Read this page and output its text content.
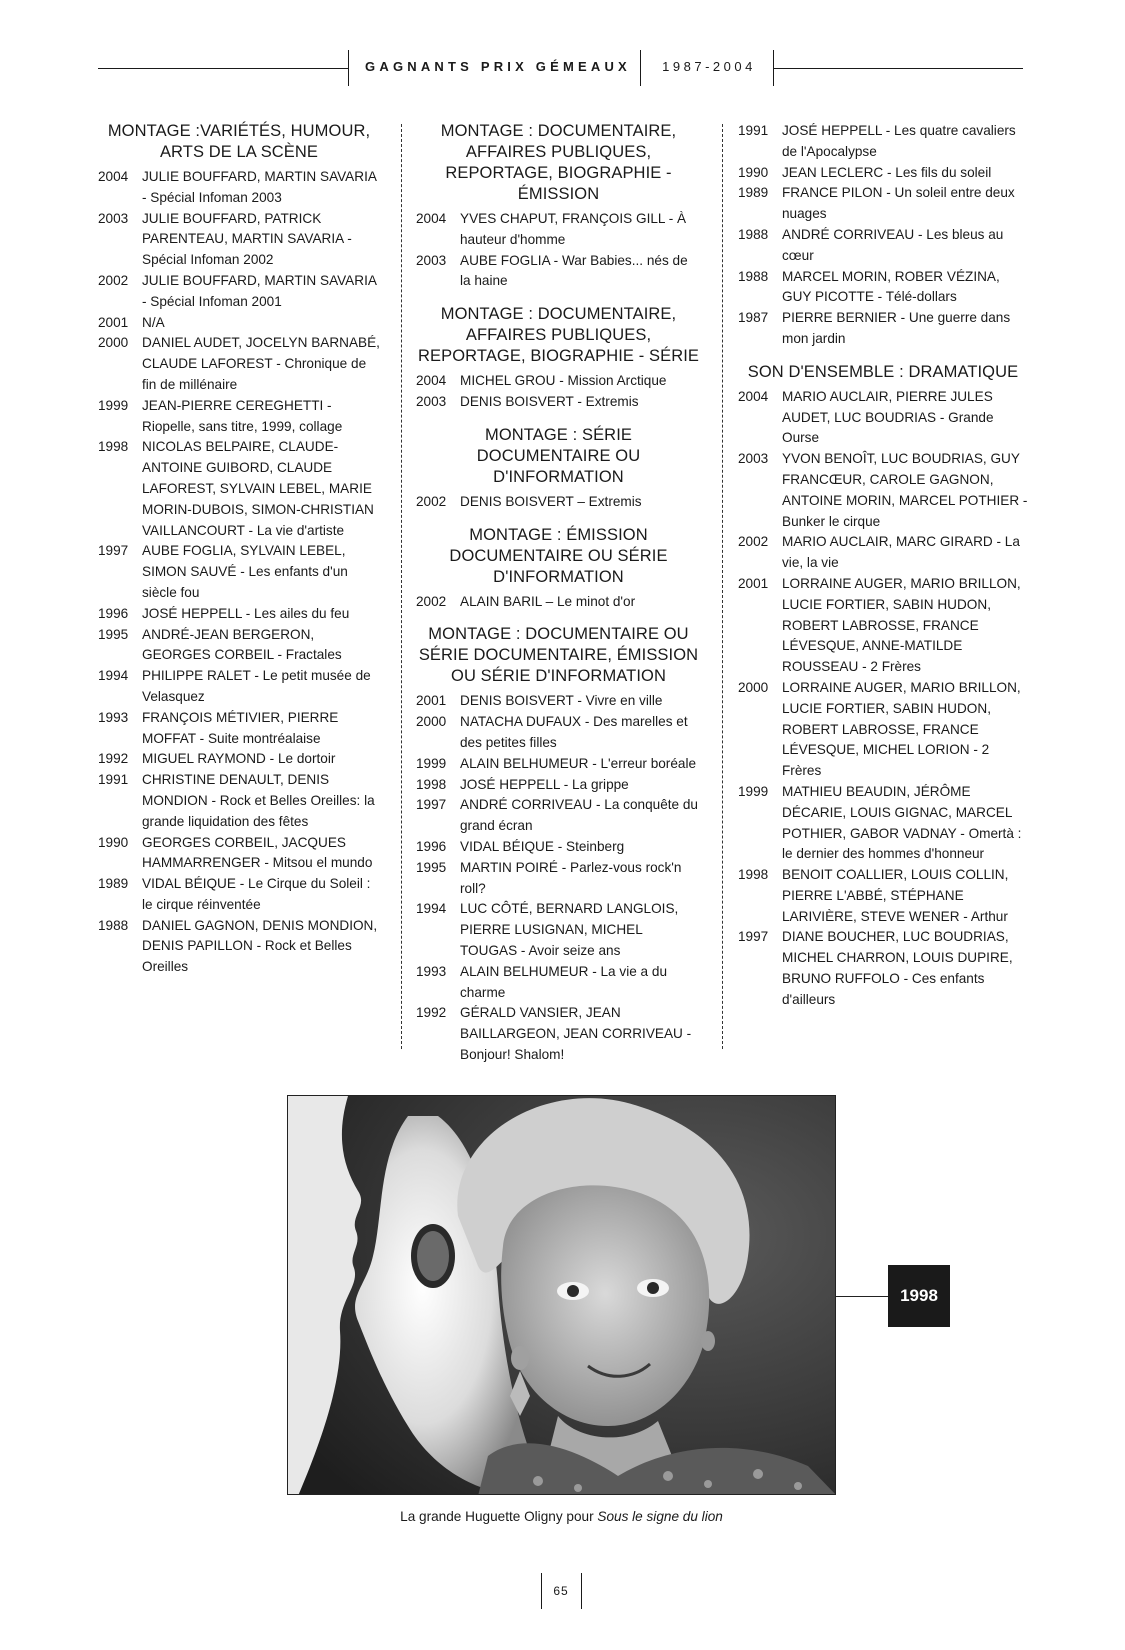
GAGNANTS PRIX GÉMEAUX	1987-2004
MONTAGE :VARIÉTÉS, HUMOUR, ARTS DE LA SCÈNE
2004	JULIE BOUFFARD, MARTIN SAVARIA - Spécial Infoman 2003
2003	JULIE BOUFFARD, PATRICK PARENTEAU, MARTIN SAVARIA - Spécial Infoman 2002
2002	JULIE BOUFFARD, MARTIN SAVARIA - Spécial Infoman 2001
2001	N/A
2000	DANIEL AUDET, JOCELYN BARNABÉ, CLAUDE LAFOREST - Chronique de fin de millénaire
1999	JEAN-PIERRE CEREGHETTI - Riopelle, sans titre, 1999, collage
1998	NICOLAS BELPAIRE, CLAUDE-ANTOINE GUIBORD, CLAUDE LAFOREST, SYLVAIN LEBEL, MARIE MORIN-DUBOIS, SIMON-CHRISTIAN VAILLANCOURT - La vie d'artiste
1997	AUBE FOGLIA, SYLVAIN LEBEL, SIMON SAUVÉ - Les enfants d'un siècle fou
1996	JOSÉ HEPPELL - Les ailes du feu
1995	ANDRÉ-JEAN BERGERON, GEORGES CORBEIL - Fractales
1994	PHILIPPE RALET - Le petit musée de Velasquez
1993	FRANÇOIS MÉTIVIER, PIERRE MOFFAT - Suite montréalaise
1992	MIGUEL RAYMOND - Le dortoir
1991	CHRISTINE DENAULT, DENIS MONDION - Rock et Belles Oreilles: la grande liquidation des fêtes
1990	GEORGES CORBEIL, JACQUES HAMMARRENGER - Mitsou el mundo
1989	VIDAL BÉIQUE - Le Cirque du Soleil : le cirque réinventée
1988	DANIEL GAGNON, DENIS MONDION, DENIS PAPILLON - Rock et Belles Oreilles
MONTAGE : DOCUMENTAIRE, AFFAIRES PUBLIQUES, REPORTAGE, BIOGRAPHIE - ÉMISSION
2004	YVES CHAPUT, FRANÇOIS GILL - À hauteur d'homme
2003	AUBE FOGLIA - War Babies... nés de la haine
MONTAGE : DOCUMENTAIRE, AFFAIRES PUBLIQUES, REPORTAGE, BIOGRAPHIE - SÉRIE
2004	MICHEL GROU - Mission Arctique
2003	DENIS BOISVERT - Extremis
MONTAGE : SÉRIE DOCUMENTAIRE OU D'INFORMATION
2002	DENIS BOISVERT – Extremis
MONTAGE : ÉMISSION DOCUMENTAIRE OU SÉRIE D'INFORMATION
2002	ALAIN BARIL – Le minot d'or
MONTAGE : DOCUMENTAIRE OU SÉRIE DOCUMENTAIRE, ÉMISSION OU SÉRIE D'INFORMATION
2001	DENIS BOISVERT - Vivre en ville
2000	NATACHA DUFAUX - Des marelles et des petites filles
1999	ALAIN BELHUMEUR - L'erreur boréale
1998	JOSÉ HEPPELL - La grippe
1997	ANDRÉ CORRIVEAU - La conquête du grand écran
1996	VIDAL BÉIQUE - Steinberg
1995	MARTIN POIRÉ - Parlez-vous rock'n roll?
1994	LUC CÔTÉ, BERNARD LANGLOIS, PIERRE LUSIGNAN, MICHEL TOUGAS - Avoir seize ans
1993	ALAIN BELHUMEUR - La vie a du charme
1992	GÉRALD VANSIER, JEAN BAILLARGEON, JEAN CORRIVEAU - Bonjour! Shalom!
1991	JOSÉ HEPPELL - Les quatre cavaliers de l'Apocalypse
1990	JEAN LECLERC - Les fils du soleil
1989	FRANCE PILON - Un soleil entre deux nuages
1988	ANDRÉ CORRIVEAU - Les bleus au cœur
1988	MARCEL MORIN, ROBER VÉZINA, GUY PICOTTE - Télé-dollars
1987	PIERRE BERNIER - Une guerre dans mon jardin
SON D'ENSEMBLE : DRAMATIQUE
2004	MARIO AUCLAIR, PIERRE JULES AUDET, LUC BOUDRIAS - Grande Ourse
2003	YVON BENOÎT, LUC BOUDRIAS, GUY FRANCŒUR, CAROLE GAGNON, ANTOINE MORIN, MARCEL POTHIER - Bunker le cirque
2002	MARIO AUCLAIR, MARC GIRARD - La vie, la vie
2001	LORRAINE AUGER, MARIO BRILLON, LUCIE FORTIER, SABIN HUDON, ROBERT LABROSSE, FRANCE LÉVESQUE, ANNE-MATILDE ROUSSEAU - 2 Frères
2000	LORRAINE AUGER, MARIO BRILLON, LUCIE FORTIER, SABIN HUDON, ROBERT LABROSSE, FRANCE LÉVESQUE, MICHEL LORION - 2 Frères
1999	MATHIEU BEAUDIN, JÉRÔME DÉCARIE, LOUIS GIGNAC, MARCEL POTHIER, GABOR VADNAY - Omertà : le dernier des hommes d'honneur
1998	BENOIT COALLIER, LOUIS COLLIN, PIERRE L'ABBÉ, STÉPHANE LARIVIÈRE, STEVE WENER - Arthur
1997	DIANE BOUCHER, LUC BOUDRIAS, MICHEL CHARRON, LOUIS DUPIRE, BRUNO RUFFOLO - Ces enfants d'ailleurs
1998
La grande Huguette Oligny pour Sous le signe du lion
65
